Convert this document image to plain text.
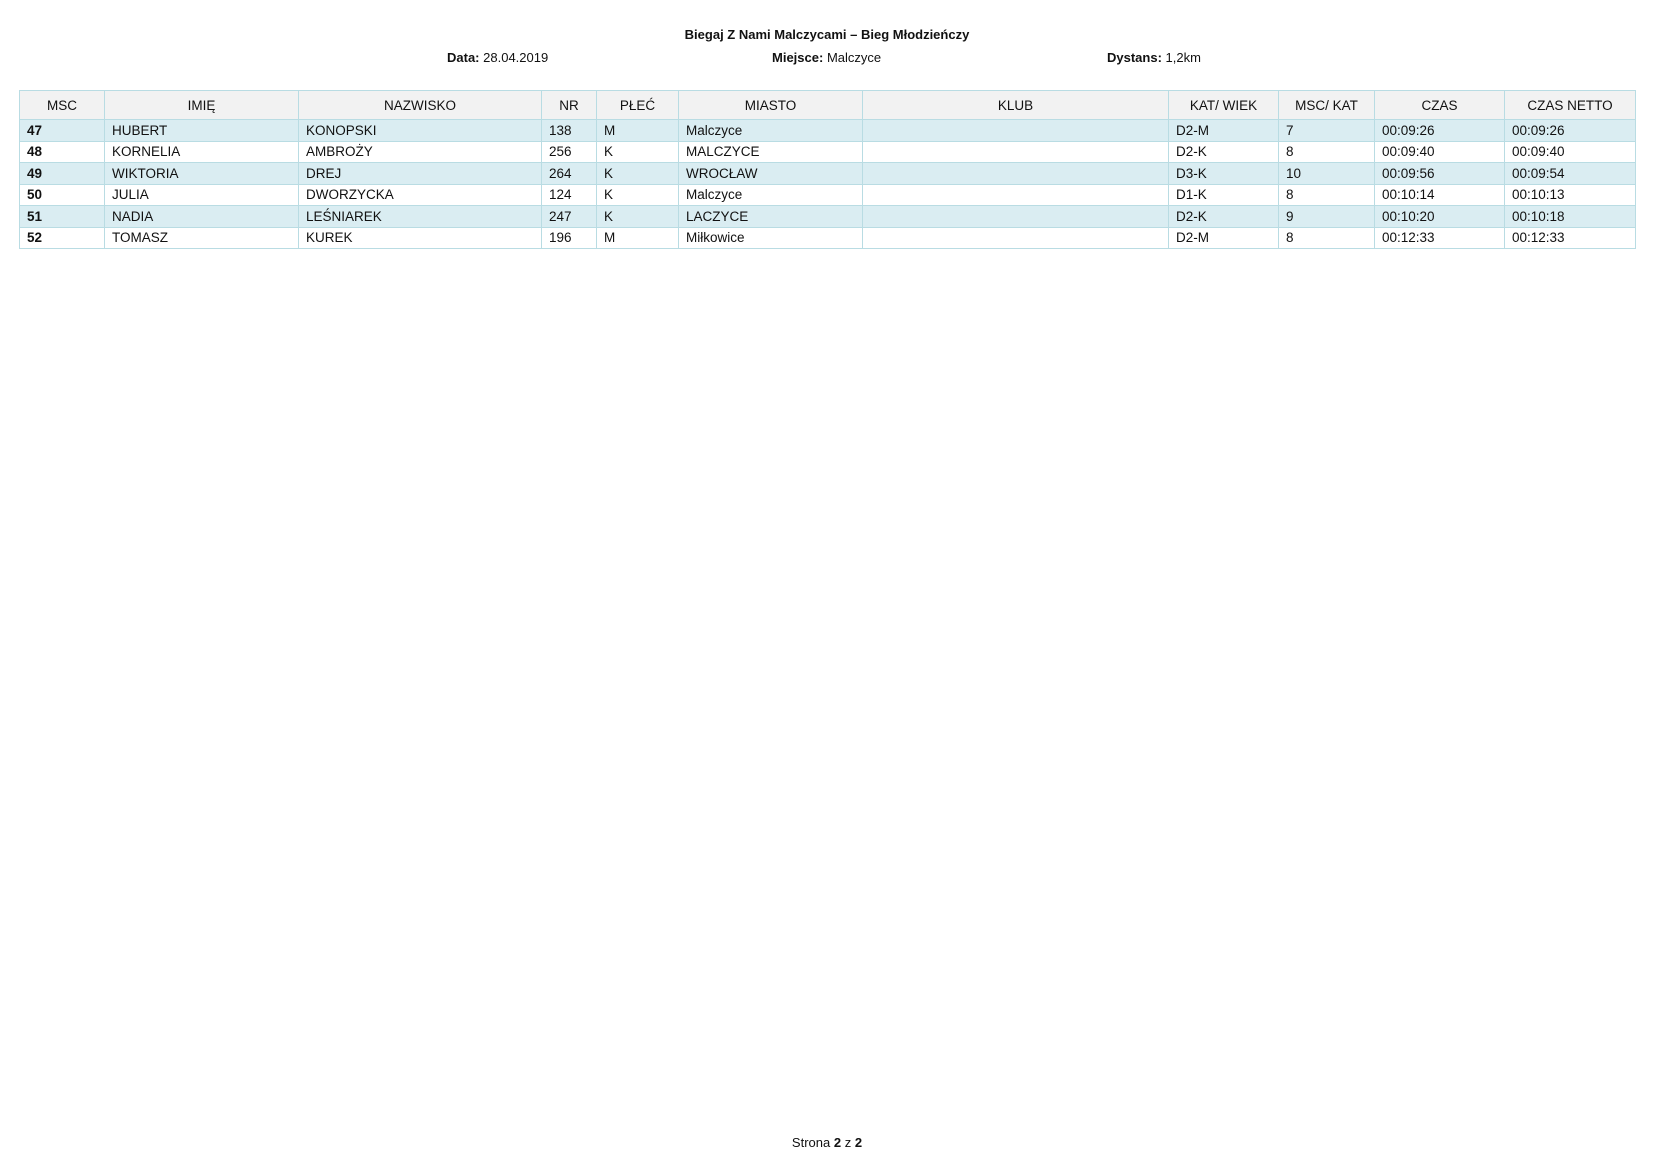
Biegaj Z Nami Malczycami – Bieg Młodzieńczy
Data: 28.04.2019	Miejsce: Malczyce	Dystans: 1,2km
MSC	IMIĘ	NAZWISKO	NR	PŁEĆ	MIASTO	KLUB	KAT/ WIEK	MSC/ KAT	CZAS	CZAS NETTO
47	HUBERT	KONOPSKI	138	M	Malczyce		D2-M	7	00:09:26	00:09:26
48	KORNELIA	AMBROŻY	256	K	MALCZYCE		D2-K	8	00:09:40	00:09:40
49	WIKTORIA	DREJ	264	K	WROCŁAW		D3-K	10	00:09:56	00:09:54
50	JULIA	DWORZYCKA	124	K	Malczyce		D1-K	8	00:10:14	00:10:13
51	NADIA	LEŚNIAREK	247	K	LACZYCE		D2-K	9	00:10:20	00:10:18
52	TOMASZ	KUREK	196	M	Miłkowice		D2-M	8	00:12:33	00:12:33
Strona 2 z 2
